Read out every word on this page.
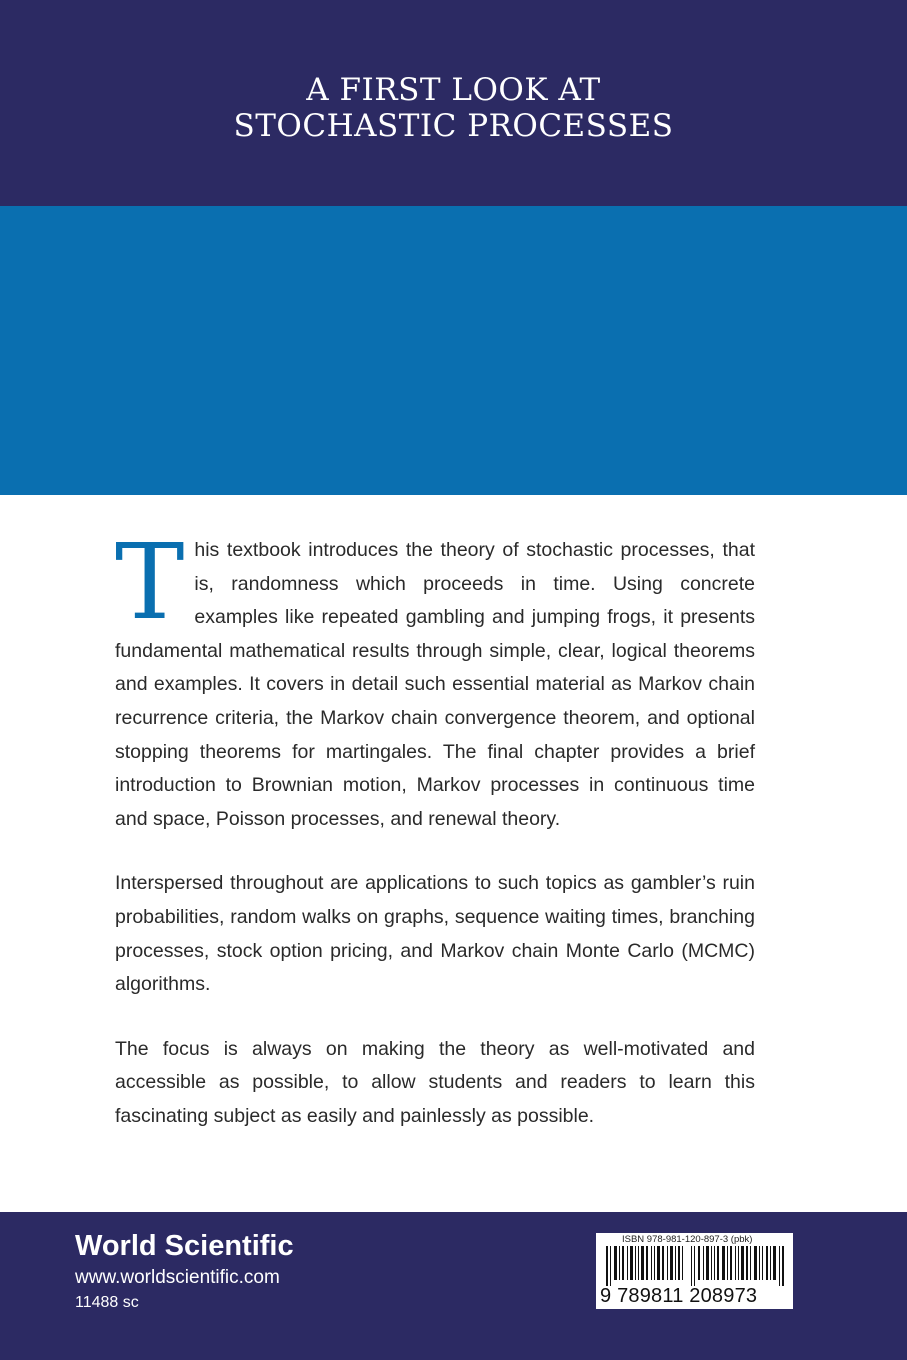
A FIRST LOOK AT
STOCHASTIC PROCESSES

This textbook introduces the theory of stochastic processes, that is, randomness which proceeds in time. Using concrete examples like repeated gambling and jumping frogs, it presents fundamental mathematical results through simple, clear, logical theorems and examples. It covers in detail such essential material as Markov chain recurrence criteria, the Markov chain convergence theorem, and optional stopping theorems for martingales. The final chapter provides a brief introduction to Brownian motion, Markov processes in continuous time and space, Poisson processes, and renewal theory.

Interspersed throughout are applications to such topics as gambler’s ruin probabilities, random walks on graphs, sequence waiting times, branching processes, stock option pricing, and Markov chain Monte Carlo (MCMC) algorithms.

The focus is always on making the theory as well-motivated and accessible as possible, to allow students and readers to learn this fascinating subject as easily and painlessly as possible.

World Scientific
www.worldscientific.com
11488 sc
ISBN 978-981-120-897-3 (pbk)
9 789811 208973
